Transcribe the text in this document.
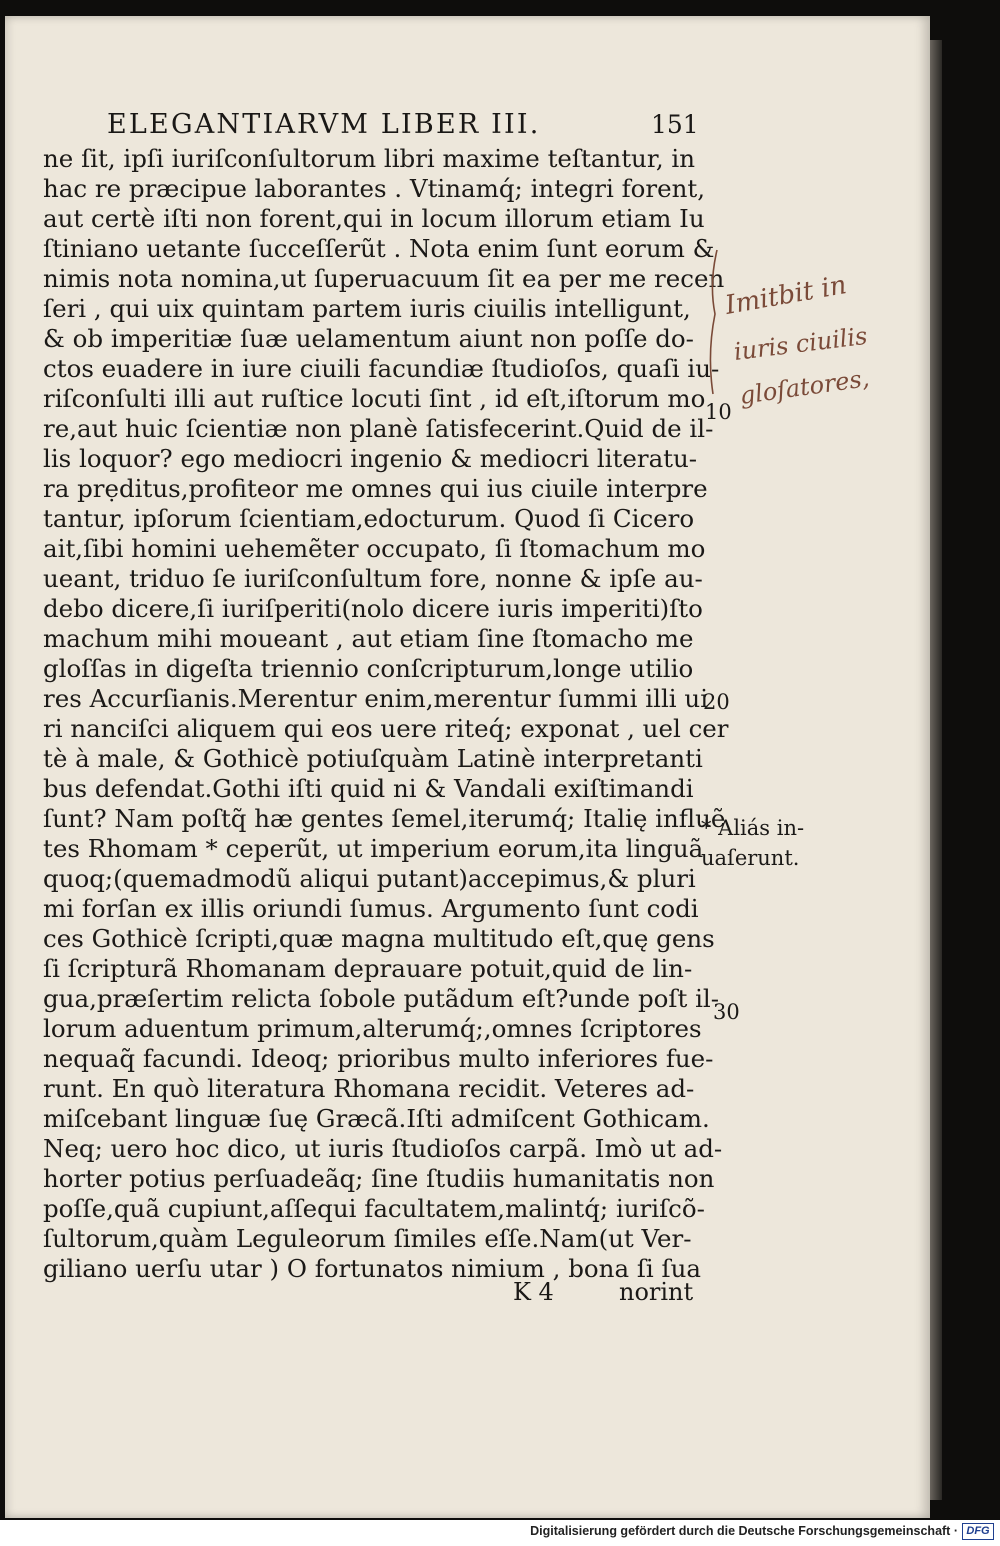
ELEGANTIARVM LIBER III.	151
ne ſit, ipſi iuriſconſultorum libri maxime teſtantur, in
hac re præcipue laborantes . Vtinamq́; integri forent,
aut certè iſti non forent,qui in locum illorum etiam Iu
ſtiniano uetante ſucceſſerũt . Nota enim ſunt eorum &
nimis nota nomina,ut ſuperuacuum ſit ea per me recen
ſeri , qui uix quintam partem iuris ciuilis intelligunt,
& ob imperitiæ ſuæ uelamentum aiunt non poſſe do-
ctos euadere in iure ciuili facundiæ ſtudioſos, quaſi iu-
riſconſulti illi aut ruſtice locuti ſint , id eſt,iſtorum mo
re,aut huic ſcientiæ non planè ſatisfecerint.Quid de il-
lis loquor? ego mediocri ingenio & mediocri literatu-
ra prẹditus,profiteor me omnes qui ius ciuile interpre
tantur, ipſorum ſcientiam,edocturum. Quod ſi Cicero
ait,ſibi homini uehemẽter occupato, ſi ſtomachum mo
ueant, triduo ſe iuriſconſultum fore, nonne & ipſe au-
debo dicere,ſi iuriſperiti(nolo dicere iuris imperiti)ſto
machum mihi moueant , aut etiam ſine ſtomacho me
gloſſas in digeſta triennio conſcripturum,longe utilio
res Accurſianis.Merentur enim,merentur ſummi illi ui
ri nanciſci aliquem qui eos uere riteq́; exponat , uel cer
tè à male, & Gothicè potiuſquàm Latinè interpretanti
bus defendat.Gothi iſti quid ni & Vandali exiſtimandi
ſunt? Nam poſtq̃ hæ gentes ſemel,iterumq́; Italię influẽ
tes Rhomam * ceperũt, ut imperium eorum,ita linguã
quoq;(quemadmodũ aliqui putant)accepimus,& pluri
mi forſan ex illis oriundi ſumus. Argumento ſunt codi
ces Gothicè ſcripti,quæ magna multitudo eſt,quę gens
ſi ſcripturã Rhomanam deprauare potuit,quid de lin-
gua,præſertim relicta ſobole putãdum eſt?unde poſt il-
lorum aduentum primum,alterumq́;,omnes ſcriptores
nequaq̃ facundi. Ideoq; prioribus multo inferiores fue-
runt. En quò literatura Rhomana recidit. Veteres ad-
miſcebant linguæ ſuę Græcã.Iſti admiſcent Gothicam.
Neq; uero hoc dico, ut iuris ſtudioſos carpã. Imò ut ad-
horter potius perſuadeãq; ſine ſtudiis humanitatis non
poſſe,quã cupiunt,aſſequi facultatem,malintq́; iuriſcõ-
ſultorum,quàm Leguleorum ſimiles eſſe.Nam(ut Ver-
giliano uerſu utar ) O fortunatos nimium , bona ſi ſua
10
20
30
* Aliás in-
uaſerunt.
Imitbit in
iuris ciuilis
gloſatores,
K 4	norint
Digitalisierung gefördert durch die Deutsche Forschungsgemeinschaft · DFG
